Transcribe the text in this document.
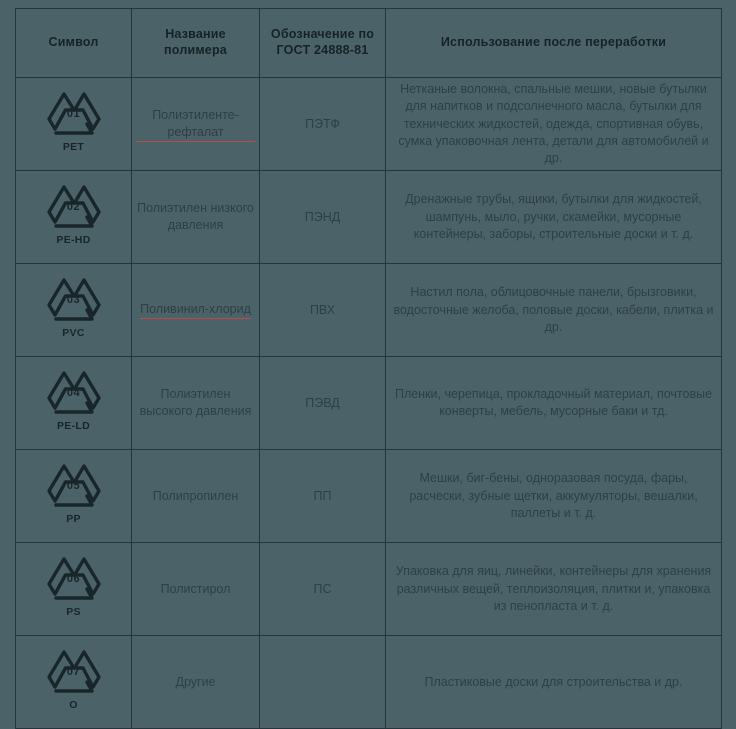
Символ	Название полимера	Обозначение по ГОСТ 24888-81	Использование после переработки

01
PET	Полиэтиленте-рефталат	ПЭТФ	Нетканые волокна, спальные мешки, новые бутылки для напитков и подсолнечного масла, бутылки для технических жидкостей, одежда, спортивная обувь, сумка упаковочная лента, детали для автомобилей и др.

02
PE-HD	Полиэтилен низкого давления	ПЭНД	Дренажные трубы, ящики, бутылки для жидкостей, шампунь, мыло, ручки, скамейки, мусорные контейнеры, заборы, строительные доски и т. д.

03
PVC	Поливинил-хлорид	ПВХ	Настил пола, облицовочные панели, брызговики, водосточные желоба, половые доски, кабели, плитка и др.

04
PE-LD	Полиэтилен высокого давления	ПЭВД	Пленки, черепица, прокладочный материал, почтовые конверты, мебель, мусорные баки и тд.

05
PP	Полипропилен	ПП	Мешки, биг-бены, одноразовая посуда, фары, расчески, зубные щетки, аккумуляторы, вешалки, паллеты и т. д.

06
PS	Полистирол	ПС	Упаковка для яиц, линейки, контейнеры для хранения различных вещей, теплоизоляция, плитки и, упаковка из пенопласта и т. д.

07
O	Другие		Пластиковые доски для строительства и др.
